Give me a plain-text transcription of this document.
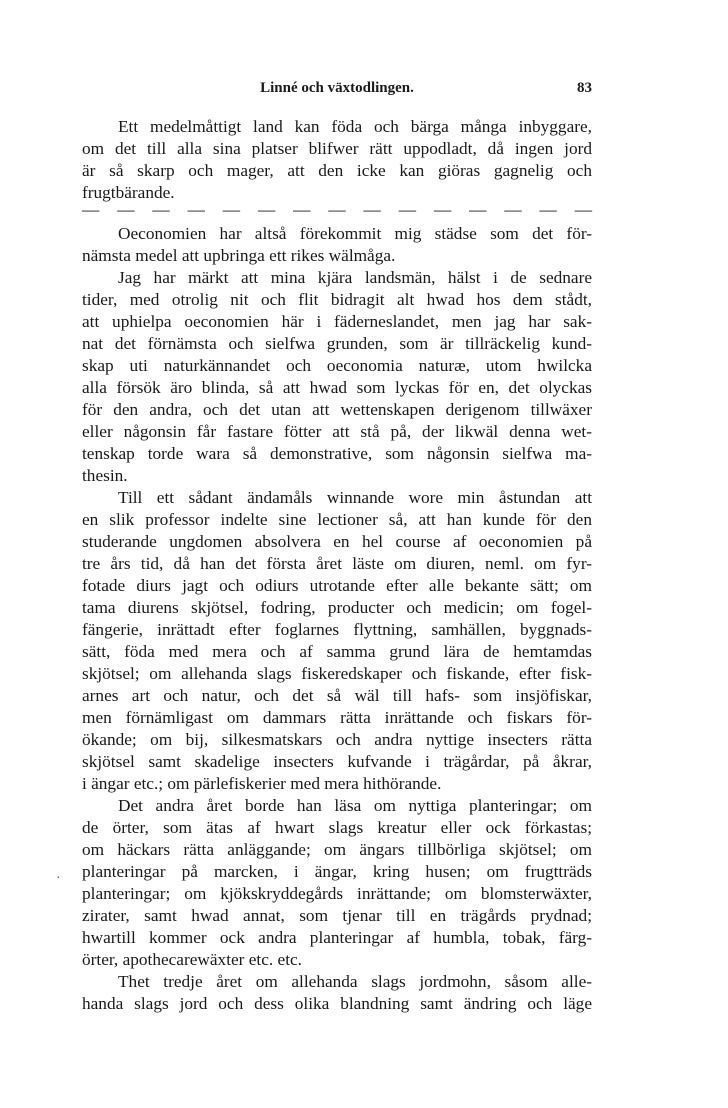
Linné och växtodlingen.	83
Ett medelmåttigt land kan föda och bärga många inbyggare,
om det till alla sina platser blifwer rätt uppodladt, då ingen jord
är så skarp och mager, att den icke kan giöras gagnelig och
frugtbärande.
— — — — — — — — — — — — — — —
Oeconomien har altså förekommit mig städse som det för-
nämsta medel att upbringa ett rikes wälmåga.
Jag har märkt att mina kjära landsmän, hälst i de sednare
tider, med otrolig nit och flit bidragit alt hwad hos dem stådt,
att uphielpa oeconomien här i fäderneslandet, men jag har sak-
nat det förnämsta och sielfwa grunden, som är tillräckelig kund-
skap uti naturkännandet och oeconomia naturæ, utom hwilcka
alla försök äro blinda, så att hwad som lyckas för en, det olyckas
för den andra, och det utan att wettenskapen derigenom tillwäxer
eller någonsin får fastare fötter att stå på, der likwäl denna wet-
tenskap torde wara så demonstrative, som någonsin sielfwa ma-
thesin.
Till ett sådant ändamåls winnande wore min åstundan att
en slik professor indelte sine lectioner så, att han kunde för den
studerande ungdomen absolvera en hel course af oeconomien på
tre års tid, då han det första året läste om diuren, neml. om fyr-
fotade diurs jagt och odiurs utrotande efter alle bekante sätt; om
tama diurens skjötsel, fodring, producter och medicin; om fogel-
fängerie, inrättadt efter foglarnes flyttning, samhällen, byggnads-
sätt, föda med mera och af samma grund lära de hemtamdas
skjötsel; om allehanda slags fiskeredskaper och fiskande, efter fisk-
arnes art och natur, och det så wäl till hafs- som insjöfiskar,
men förnämligast om dammars rätta inrättande och fiskars för-
ökande; om bij, silkesmatskars och andra nyttige insecters rätta
skjötsel samt skadelige insecters kufvande i trägårdar, på åkrar,
i ängar etc.; om pärlefiskerier med mera hithörande.
Det andra året borde han läsa om nyttiga planteringar; om
de örter, som ätas af hwart slags kreatur eller ock förkastas;
om häckars rätta anläggande; om ängars tillbörliga skjötsel; om
planteringar på marcken, i ängar, kring husen; om frugtträds
planteringar; om kjökskryddegårds inrättande; om blomsterwäxter,
zirater, samt hwad annat, som tjenar till en trägårds prydnad;
hwartill kommer ock andra planteringar af humbla, tobak, färg-
örter, apothecarewäxter etc. etc.
Thet tredje året om allehanda slags jordmohn, såsom alle-
handa slags jord och dess olika blandning samt ändring och läge
·
